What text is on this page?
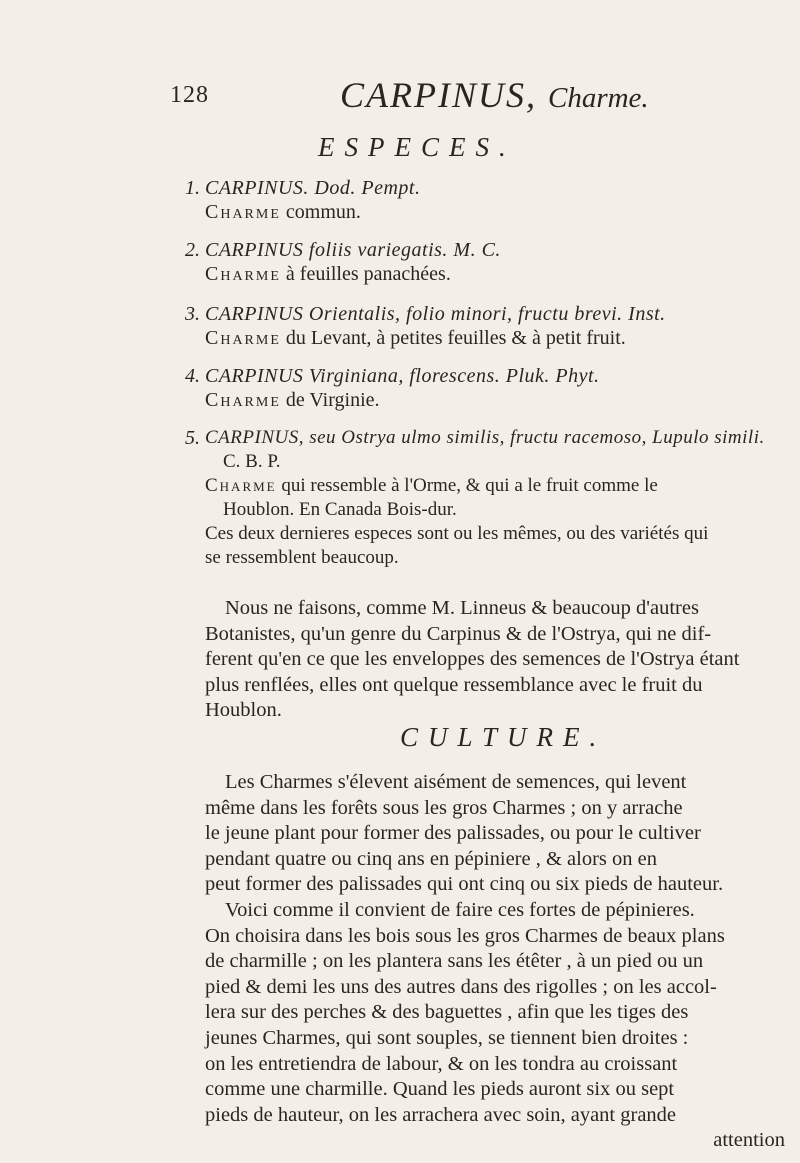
128	CARPINUS, Charme.
ESPECES.
1. CARPINUS. Dod. Pempt.
Charme commun.
2. CARPINUS foliis variegatis. M. C.
Charme à feuilles panachées.
3. CARPINUS Orientalis, folio minori, fructu brevi. Inst.
Charme du Levant, à petites feuilles & à petit fruit.
4. CARPINUS Virginiana, florescens. Pluk. Phyt.
Charme de Virginie.
5. CARPINUS, seu Ostrya ulmo similis, fructu racemoso, Lupulo simili.
C. B. P.
Charme qui ressemble à l'Orme, & qui a le fruit comme le
Houblon. En Canada Bois-dur.
Ces deux dernieres especes sont ou les mêmes, ou des variétés qui
se ressemblent beaucoup.
Nous ne faisons, comme M. Linneus & beaucoup d'autres
Botanistes, qu'un genre du Carpinus & de l'Ostrya, qui ne dif-
ferent qu'en ce que les enveloppes des semences de l'Ostrya étant
plus renflées, elles ont quelque ressemblance avec le fruit du
Houblon.
CULTURE.
Les Charmes s'élevent aisément de semences, qui levent
même dans les forêts sous les gros Charmes ; on y arrache
le jeune plant pour former des palissades, ou pour le cultiver
pendant quatre ou cinq ans en pépiniere , & alors on en
peut former des palissades qui ont cinq ou six pieds de hauteur.
Voici comme il convient de faire ces fortes de pépinieres.
On choisira dans les bois sous les gros Charmes de beaux plans
de charmille ; on les plantera sans les étêter , à un pied ou un
pied & demi les uns des autres dans des rigolles ; on les accol-
lera sur des perches & des baguettes , afin que les tiges des
jeunes Charmes, qui sont souples, se tiennent bien droites :
on les entretiendra de labour, & on les tondra au croissant
comme une charmille. Quand les pieds auront six ou sept
pieds de hauteur, on les arrachera avec soin, ayant grande
attention
